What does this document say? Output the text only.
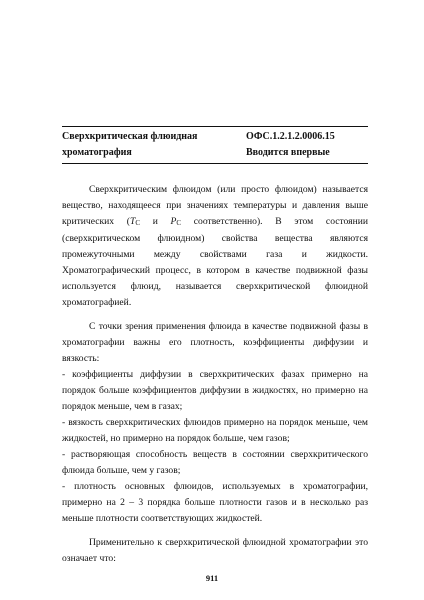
Сверхкритическая флюидная
хроматография
ОФС.1.2.1.2.0006.15
Вводится впервые

Сверхкритическим флюидом (или просто флюидом) называется вещество, находящееся при значениях температуры и давления выше критических (TC и PC соответственно). В этом состоянии (сверхкритическом флюидном) свойства вещества являются промежуточными между свойствами газа и жидкости. Хроматографический процесс, в котором в качестве подвижной фазы используется флюид, называется сверхкритической флюидной хроматографией.

С точки зрения применения флюида в качестве подвижной фазы в хроматографии важны его плотность, коэффициенты диффузии и вязкость:

- коэффициенты диффузии в сверхкритических фазах примерно на порядок больше коэффициентов диффузии в жидкостях, но примерно на порядок меньше, чем в газах;

- вязкость сверхкритических флюидов примерно на порядок меньше, чем жидкостей, но примерно на порядок больше, чем газов;

- растворяющая способность веществ в состоянии сверхкритического флюида больше, чем у газов;

- плотность основных флюидов, используемых в хроматографии, примерно на 2 – 3 порядка больше плотности газов и в несколько раз меньше плотности соответствующих жидкостей.

Применительно к сверхкритической флюидной хроматографии это означает что:

911
